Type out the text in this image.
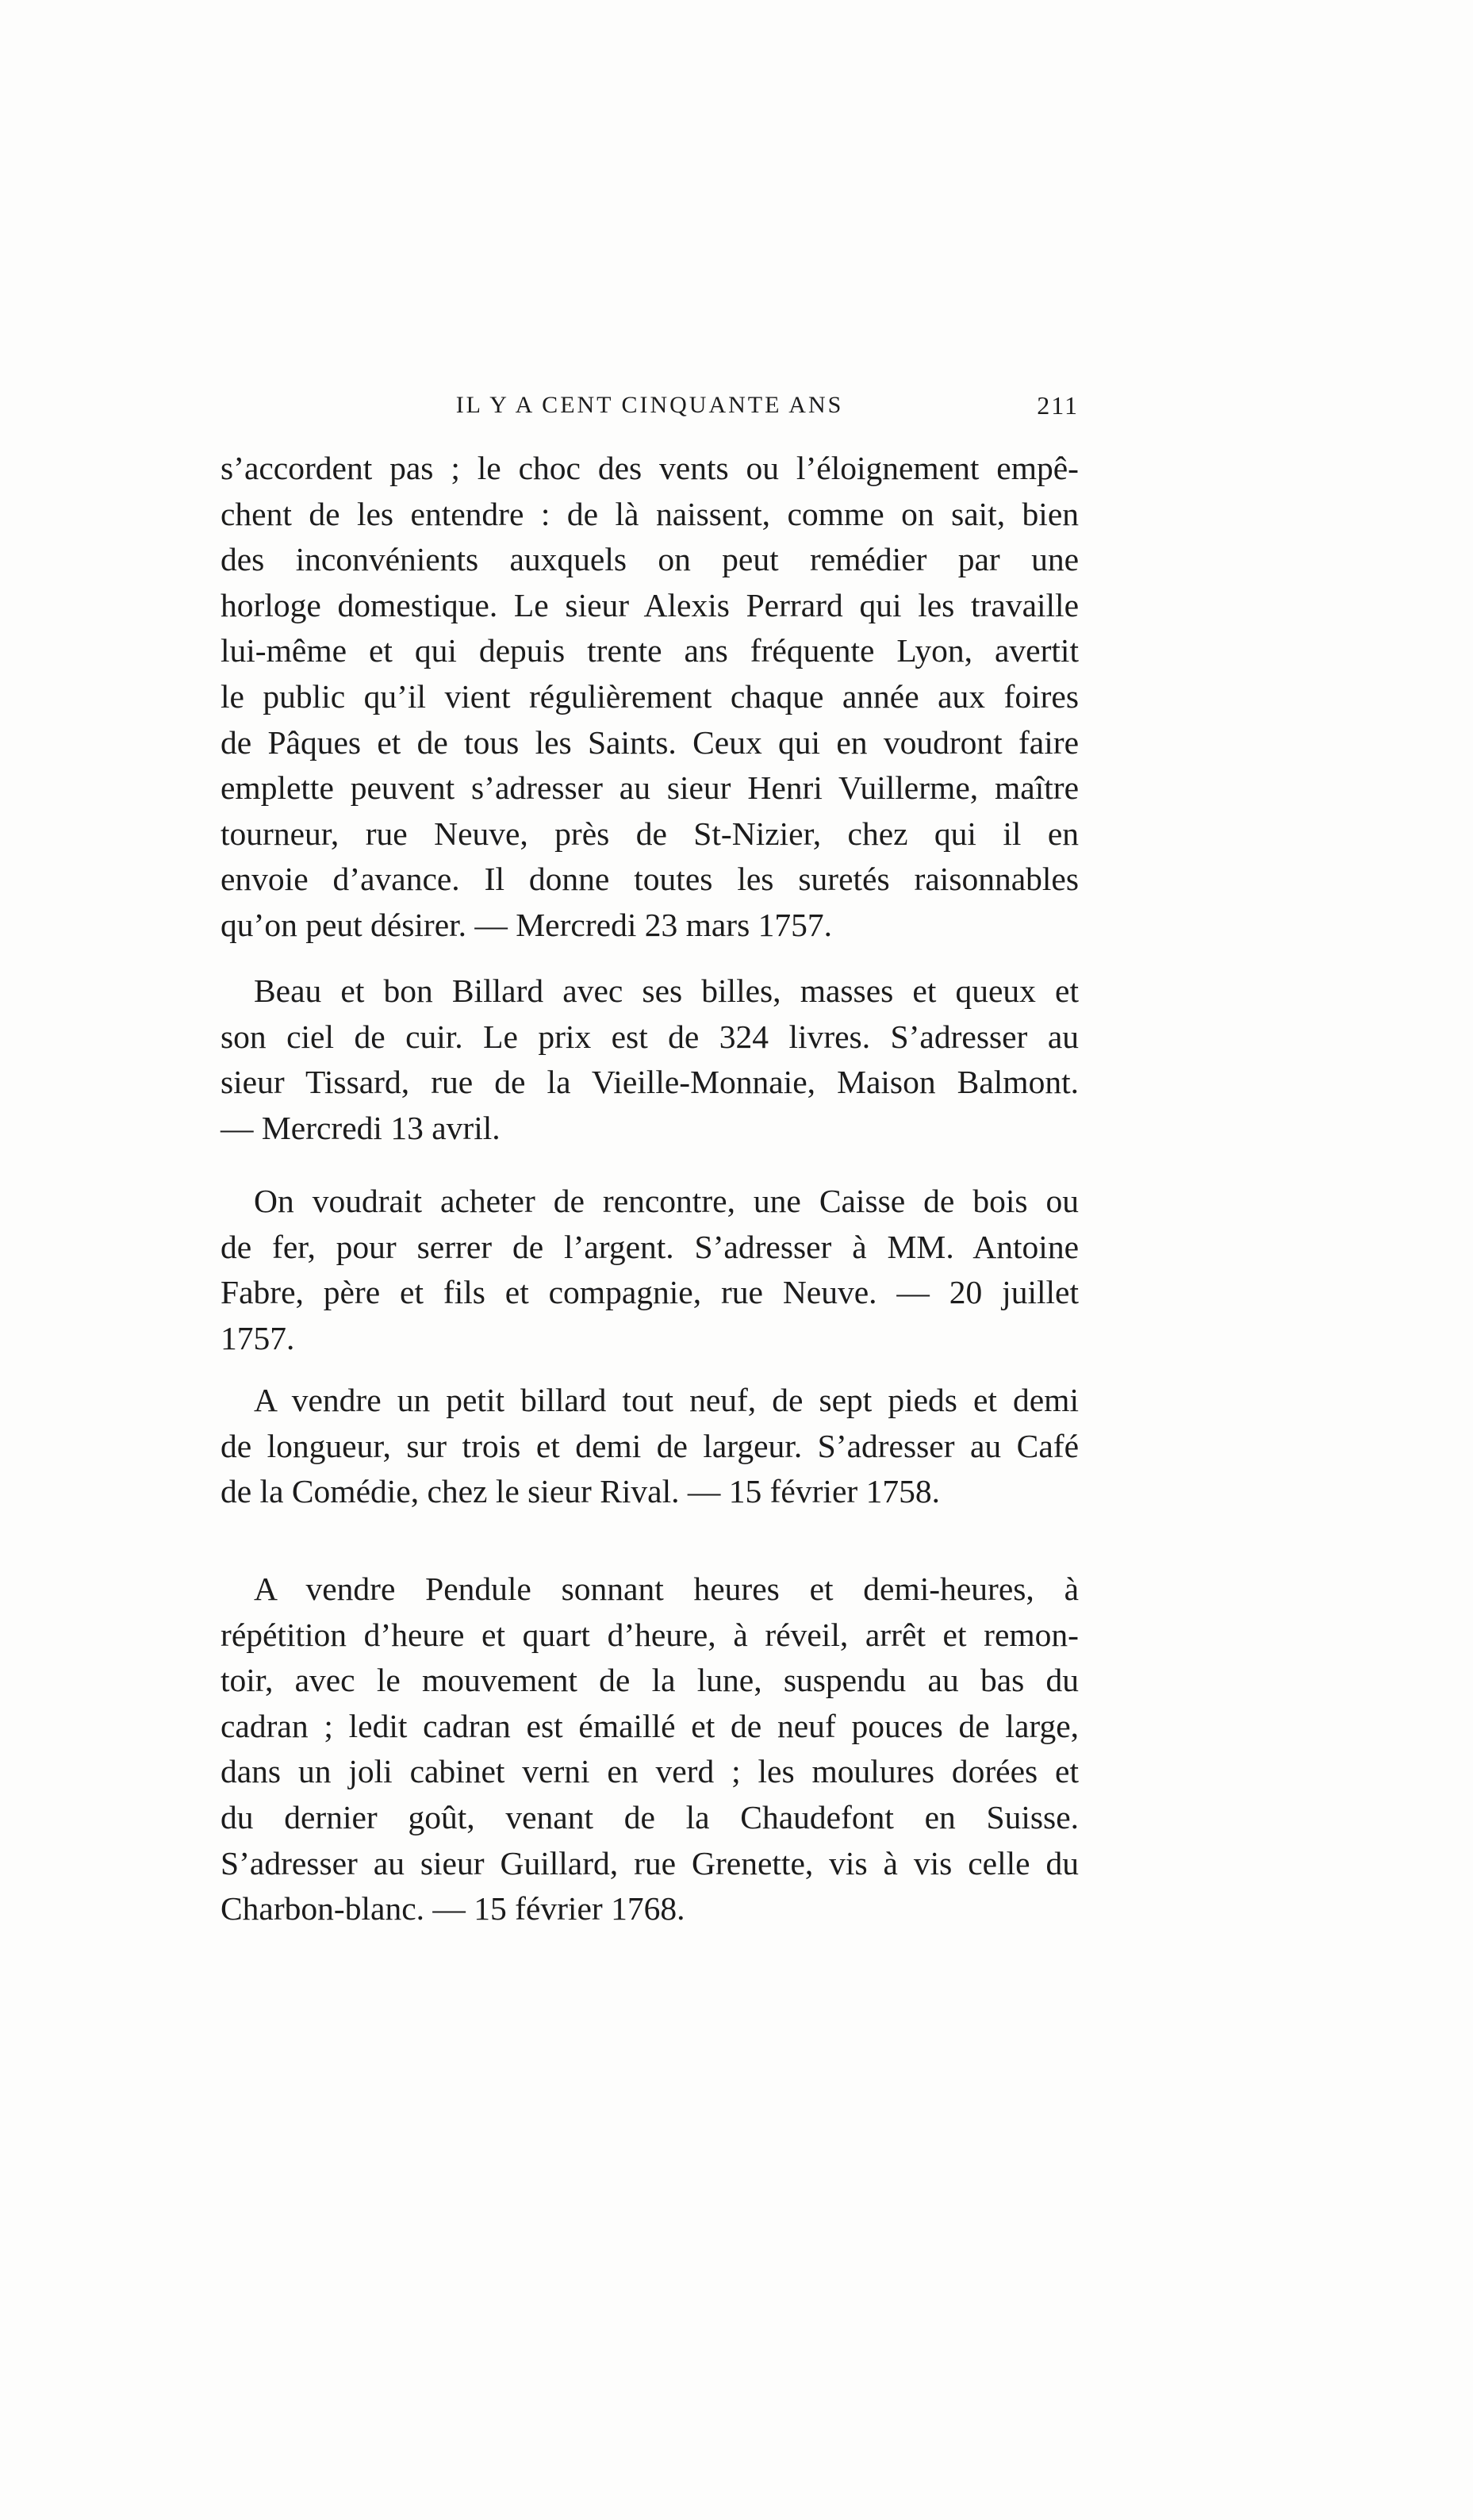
IL Y A CENT CINQUANTE ANS	211

s’accordent pas ; le choc des vents ou l’éloignement empê-
chent de les entendre : de là naissent, comme on sait, bien
des inconvénients auxquels on peut remédier par une
horloge domestique. Le sieur Alexis Perrard qui les travaille
lui-même et qui depuis trente ans fréquente Lyon, avertit
le public qu’il vient régulièrement chaque année aux foires
de Pâques et de tous les Saints. Ceux qui en voudront faire
emplette peuvent s’adresser au sieur Henri Vuillerme, maître
tourneur, rue Neuve, près de St-Nizier, chez qui il en
envoie d’avance. Il donne toutes les suretés raisonnables
qu’on peut désirer. — Mercredi 23 mars 1757.

Beau et bon Billard avec ses billes, masses et queux et
son ciel de cuir. Le prix est de 324 livres. S’adresser au
sieur Tissard, rue de la Vieille-Monnaie, Maison Balmont.
— Mercredi 13 avril.

On voudrait acheter de rencontre, une Caisse de bois ou
de fer, pour serrer de l’argent. S’adresser à MM. Antoine
Fabre, père et fils et compagnie, rue Neuve. — 20 juillet
1757.

A vendre un petit billard tout neuf, de sept pieds et demi
de longueur, sur trois et demi de largeur. S’adresser au Café
de la Comédie, chez le sieur Rival. — 15 février 1758.

A vendre Pendule sonnant heures et demi-heures, à
répétition d’heure et quart d’heure, à réveil, arrêt et remon-
toir, avec le mouvement de la lune, suspendu au bas du
cadran ; ledit cadran est émaillé et de neuf pouces de large,
dans un joli cabinet verni en verd ; les moulures dorées et
du dernier goût, venant de la Chaudefont en Suisse.
S’adresser au sieur Guillard, rue Grenette, vis à vis celle du
Charbon-blanc. — 15 février 1768.
